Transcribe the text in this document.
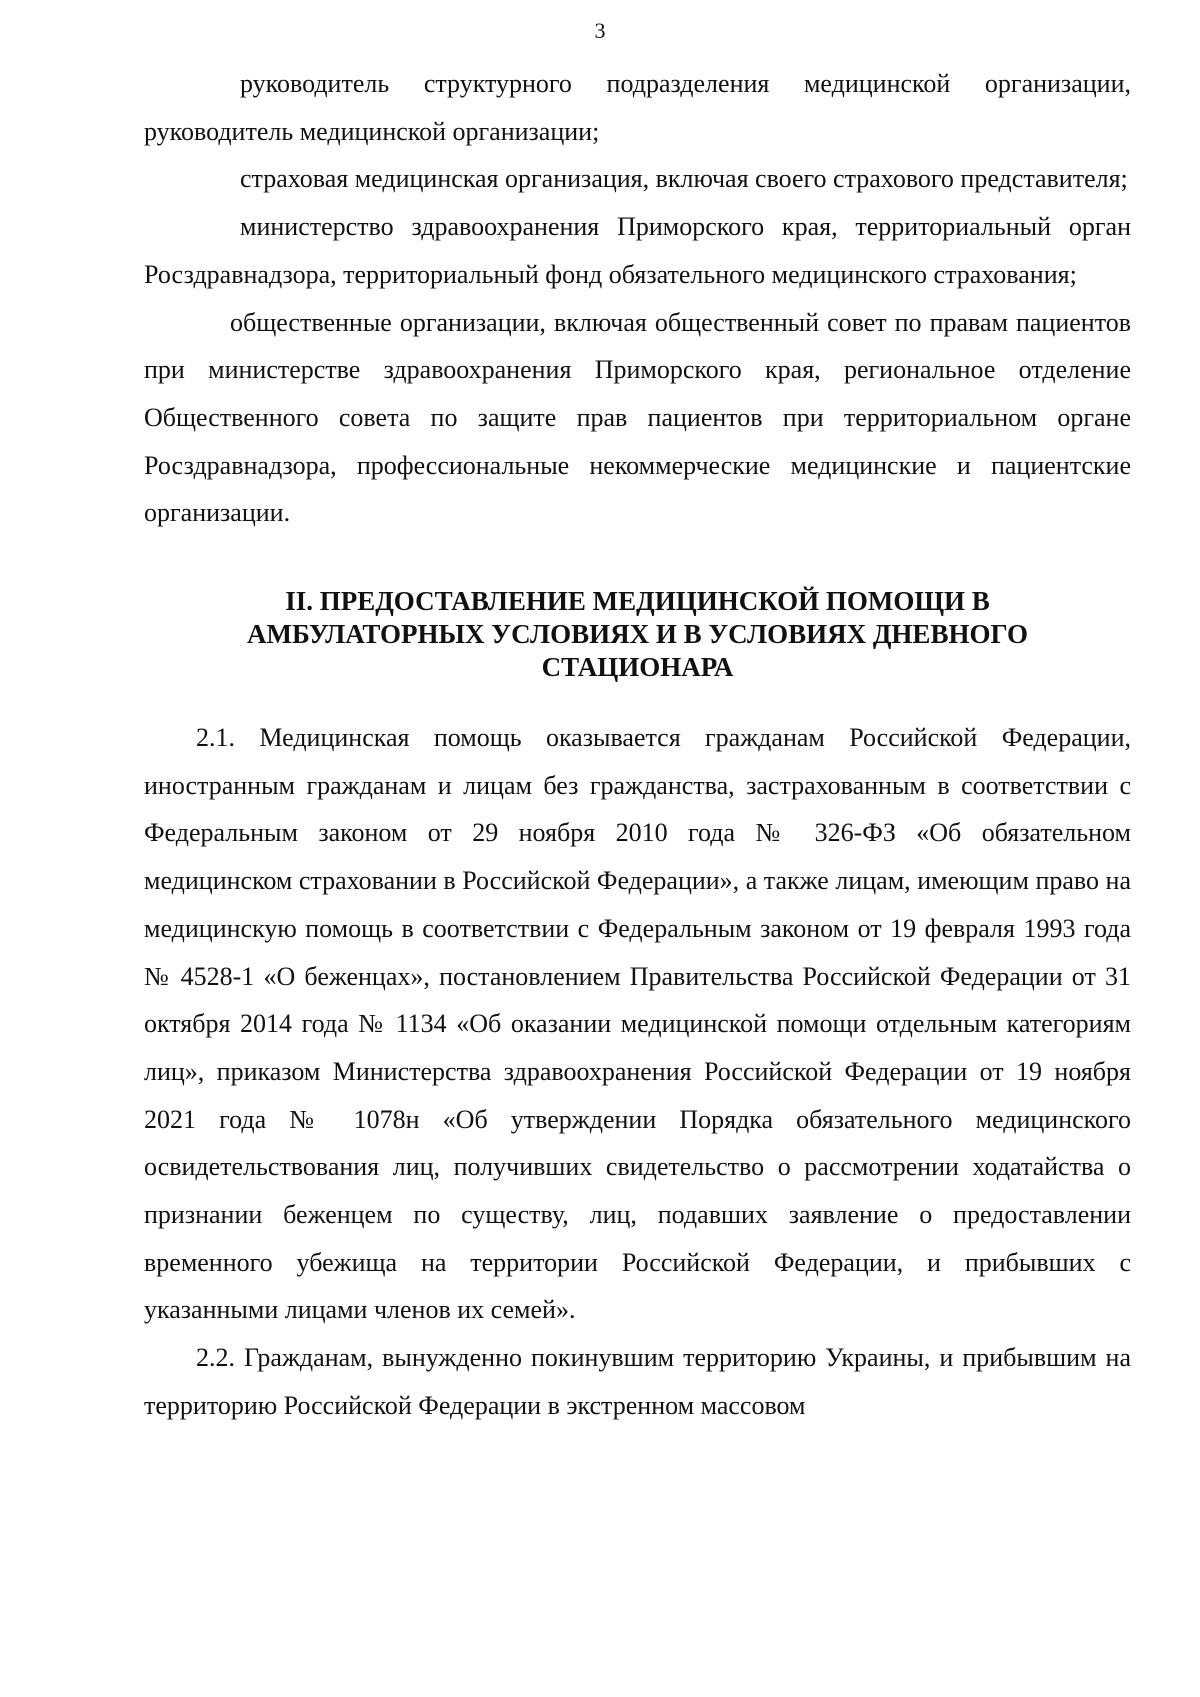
3

руководитель структурного подразделения медицинской организации, руководитель медицинской организации;

страховая медицинская организация, включая своего страхового представителя;

министерство здравоохранения Приморского края, территориальный орган Росздравнадзора, территориальный фонд обязательного медицинского страхования;

общественные организации, включая общественный совет по правам пациентов при министерстве здравоохранения Приморского края, региональное отделение Общественного совета по защите прав пациентов при территориальном органе Росздравнадзора, профессиональные некоммерческие медицинские и пациентские организации.

II. ПРЕДОСТАВЛЕНИЕ МЕДИЦИНСКОЙ ПОМОЩИ В
АМБУЛАТОРНЫХ УСЛОВИЯХ И В УСЛОВИЯХ ДНЕВНОГО
СТАЦИОНАРА

2.1. Медицинская помощь оказывается гражданам Российской Федерации, иностранным гражданам и лицам без гражданства, застрахованным в соответствии с Федеральным законом от 29 ноября 2010 года № 326-ФЗ «Об обязательном медицинском страховании в Российской Федерации», а также лицам, имеющим право на медицинскую помощь в соответствии с Федеральным законом от 19 февраля 1993 года № 4528-1 «О беженцах», постановлением Правительства Российской Федерации от 31 октября 2014 года № 1134 «Об оказании медицинской помощи отдельным категориям лиц», приказом Министерства здравоохранения Российской Федерации от 19 ноября 2021 года № 1078н «Об утверждении Порядка обязательного медицинского освидетельствования лиц, получивших свидетельство о рассмотрении ходатайства о признании беженцем по существу, лиц, подавших заявление о предоставлении временного убежища на территории Российской Федерации, и прибывших с указанными лицами членов их семей».

2.2. Гражданам, вынужденно покинувшим территорию Украины, и прибывшим на территорию Российской Федерации в экстренном массовом
